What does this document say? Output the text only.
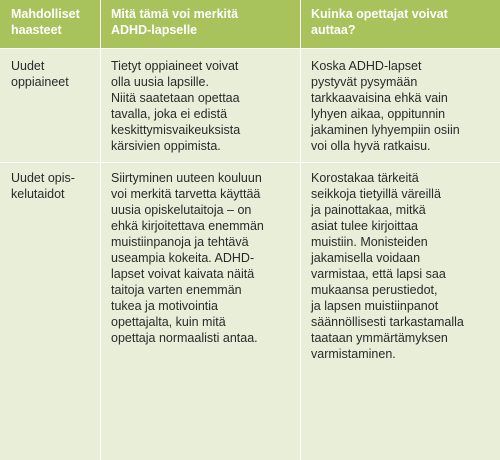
Mahdolliset
haasteet
Mitä tämä voi merkitä
ADHD-lapselle
Kuinka opettajat voivat
auttaa?
Uudet
oppiaineet
Tietyt oppiaineet voivat
olla uusia lapsille.
Niitä saatetaan opettaa
tavalla, joka ei edistä
keskittymisvaikeuksista
kärsivien oppimista.
Koska ADHD-lapset
pystyvät pysymään
tarkkaavaisina ehkä vain
lyhyen aikaa, oppitunnin
jakaminen lyhyempiin osiin
voi olla hyvä ratkaisu.
Uudet opis-
kelutaidot
Siirtyminen uuteen kouluun
voi merkitä tarvetta käyttää
uusia opiskelutaitoja – on
ehkä kirjoitettava enemmän
muistiinpanoja ja tehtävä
useampia kokeita. ADHD-
lapset voivat kaivata näitä
taitoja varten enemmän
tukea ja motivointia
opettajalta, kuin mitä
opettaja normaalisti antaa.
Korostakaa tärkeitä
seikkoja tietyillä väreillä
ja painottakaa, mitkä
asiat tulee kirjoittaa
muistiin. Monisteiden
jakamisella voidaan
varmistaa, että lapsi saa
mukaansa perustiedot,
ja lapsen muistiinpanot
säännöllisesti tarkastamalla
taataan ymmärtämyksen
varmistaminen.
